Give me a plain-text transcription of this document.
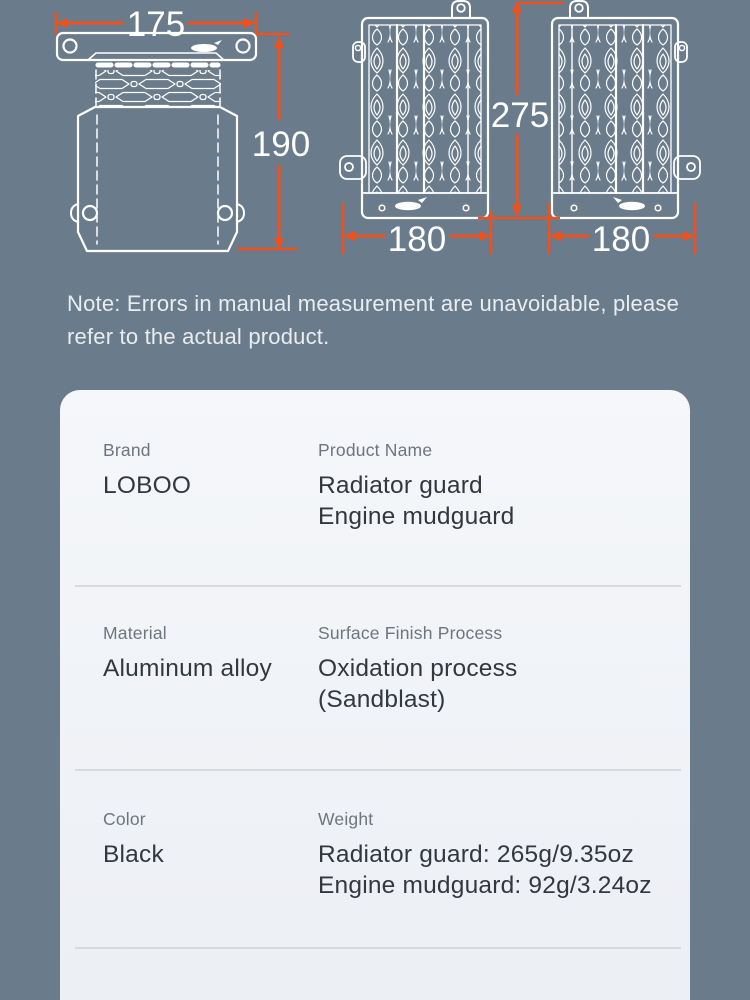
175
190
275
180	180
Note: Errors in manual measurement are unavoidable, please refer to the actual product.
Brand
LOBOO
Product Name
Radiator guard
Engine mudguard
Material
Aluminum alloy
Surface Finish Process
Oxidation process
(Sandblast)
Color
Black
Weight
Radiator guard: 265g/9.35oz
Engine mudguard: 92g/3.24oz
